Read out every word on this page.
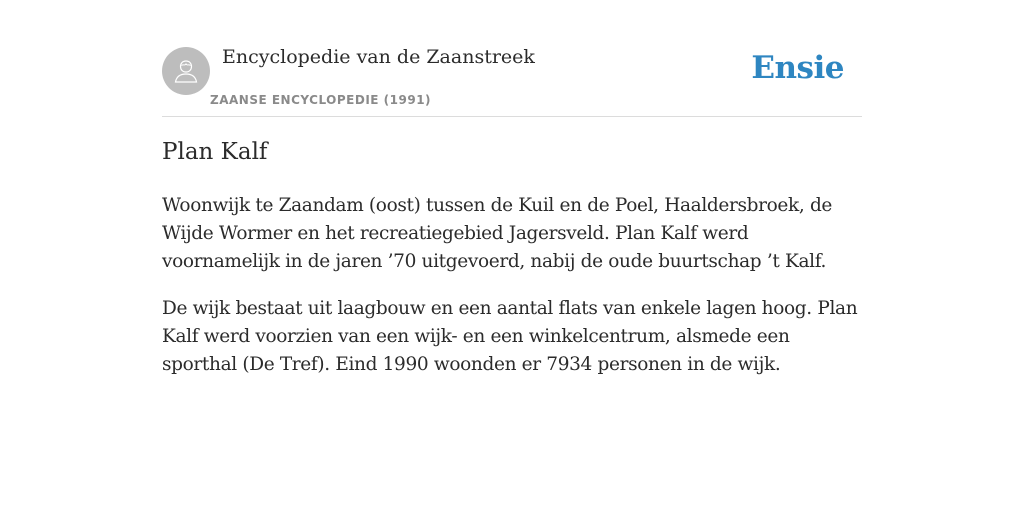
Encyclopedie van de Zaanstreek
ZAANSE ENCYCLOPEDIE (1991)
Ensie
Plan Kalf

Woonwijk te Zaandam (oost) tussen de Kuil en de Poel, Haaldersbroek, de Wijde Wormer en het recreatiegebied Jagersveld. Plan Kalf werd voornamelijk in de jaren ’70 uitgevoerd, nabij de oude buurtschap ’t Kalf.

De wijk bestaat uit laagbouw en een aantal flats van enkele lagen hoog. Plan Kalf werd voorzien van een wijk- en een winkelcentrum, alsmede een sporthal (De Tref). Eind 1990 woonden er 7934 personen in de wijk.
